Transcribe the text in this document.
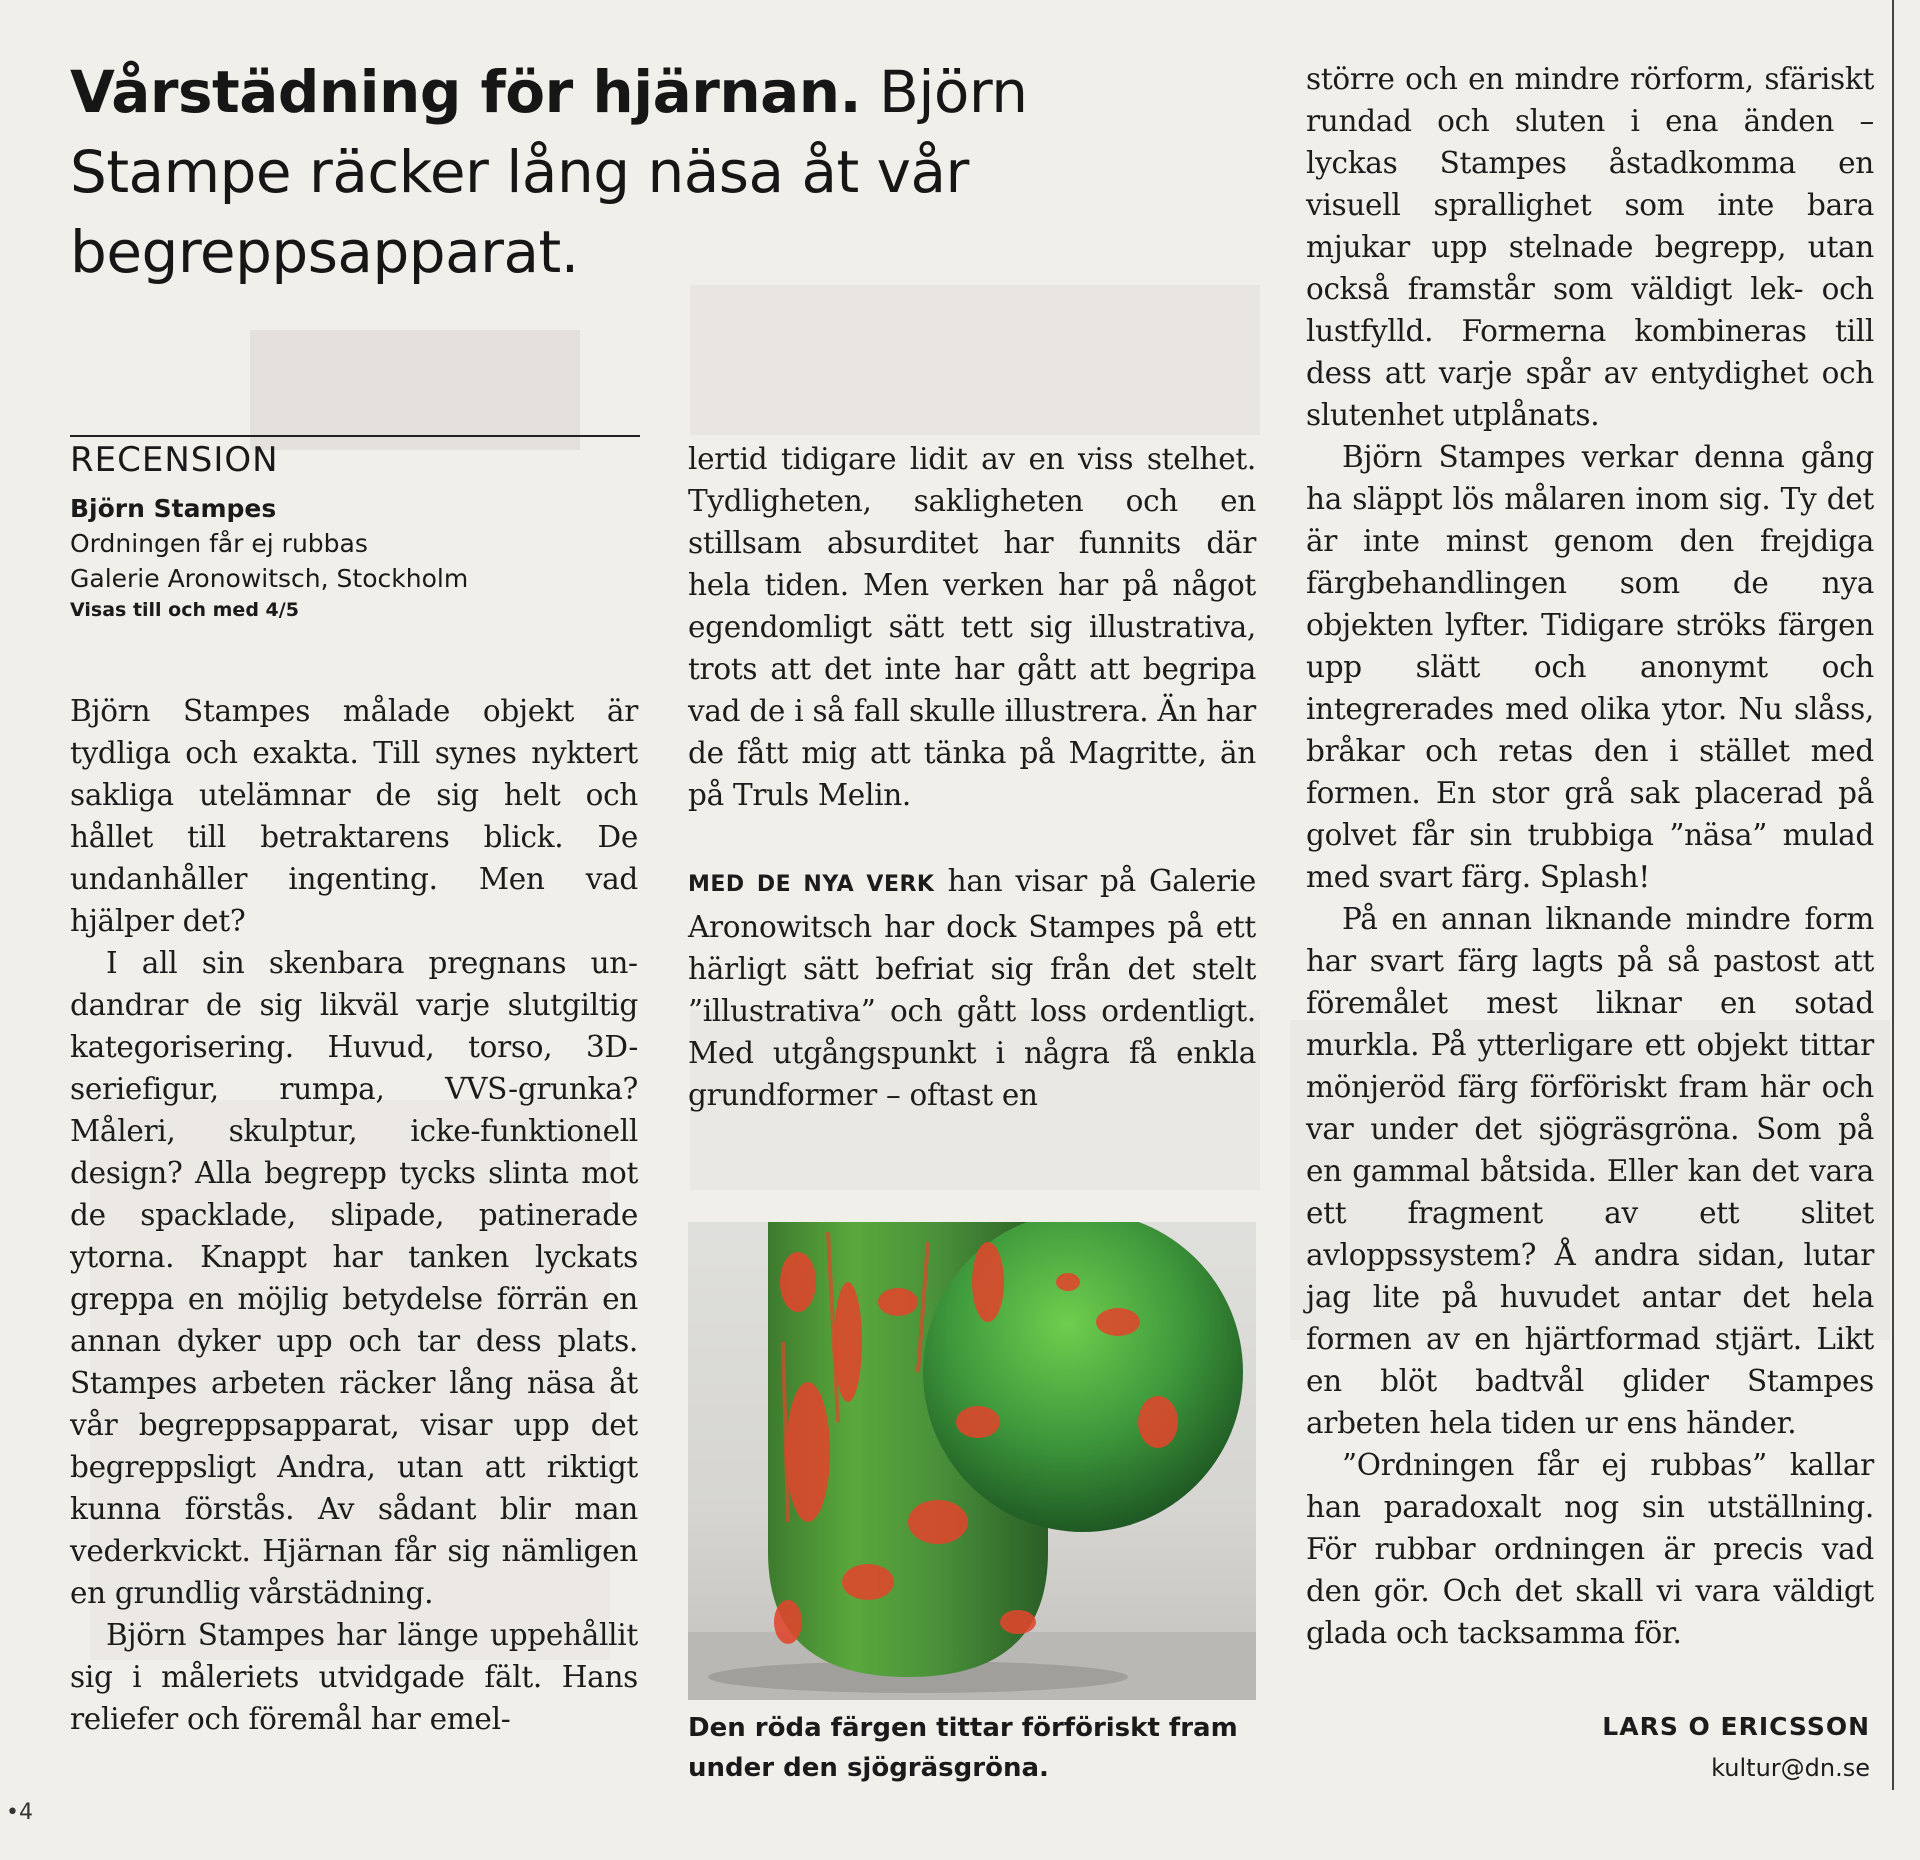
Vårstädning för hjärnan. Björn Stampe räcker lång näsa åt vår begreppsapparat.
RECENSION
Björn Stampes
Ordningen får ej rubbas
Galerie Aronowitsch, Stockholm
Visas till och med 4/5

Björn Stampes målade objekt är tydliga och exakta. Till synes nyktert sakliga utelämnar de sig helt och hållet till betraktarens blick. De undanhåller ingenting. Men vad hjälper det?

I all sin skenbara pregnans undandrar de sig likväl varje slutgiltig kategorisering. Huvud, torso, 3D-seriefigur, rumpa, VVS-grunka? Måleri, skulptur, icke-funktionell design? Alla begrepp tycks slinta mot de spacklade, slipade, patinerade ytorna. Knappt har tanken lyckats greppa en möjlig betydelse förrän en annan dyker upp och tar dess plats. Stampes arbeten räcker lång näsa åt vår begreppsapparat, visar upp det begreppsligt Andra, utan att riktigt kunna förstås. Av sådant blir man vederkvickt. Hjärnan får sig nämligen en grundlig vårstädning.

Björn Stampes har länge uppehållit sig i måleriets utvidgade fält. Hans reliefer och föremål har emel-

lertid tidigare lidit av en viss stelhet. Tydligheten, sakligheten och en stillsam absurditet har funnits där hela tiden. Men verken har på något egendomligt sätt tett sig illustrativa, trots att det inte har gått att begripa vad de i så fall skulle illustrera. Än har de fått mig att tänka på Magritte, än på Truls Melin.

MED DE NYA VERK han visar på Galerie Aronowitsch har dock Stampes på ett härligt sätt befriat sig från det stelt ”illustrativa” och gått loss ordentligt. Med utgångspunkt i några få enkla grundformer – oftast en

Den röda färgen tittar förföriskt fram under den sjögräsgröna.

större och en mindre rörform, sfäriskt rundad och sluten i ena änden – lyckas Stampes åstadkomma en visuell sprallighet som inte bara mjukar upp stelnade begrepp, utan också framstår som väldigt lek- och lustfylld. Formerna kombineras till dess att varje spår av entydighet och slutenhet utplånats.

Björn Stampes verkar denna gång ha släppt lös målaren inom sig. Ty det är inte minst genom den frejdiga färgbehandlingen som de nya objekten lyfter. Tidigare ströks färgen upp slätt och anonymt och integrerades med olika ytor. Nu slåss, bråkar och retas den i stället med formen. En stor grå sak placerad på golvet får sin trubbiga ”näsa” mulad med svart färg. Splash!

På en annan liknande mindre form har svart färg lagts på så pastost att föremålet mest liknar en sotad murkla. På ytterligare ett objekt tittar mönjeröd färg förföriskt fram här och var under det sjögräsgröna. Som på en gammal båtsida. Eller kan det vara ett fragment av ett slitet avloppssystem? Å andra sidan, lutar jag lite på huvudet antar det hela formen av en hjärtformad stjärt. Likt en blöt badtvål glider Stampes arbeten hela tiden ur ens händer.

”Ordningen får ej rubbas” kallar han paradoxalt nog sin utställning. För rubbar ordningen är precis vad den gör. Och det skall vi vara väldigt glada och tacksamma för.

LARS O ERICSSON
kultur@dn.se
•4
